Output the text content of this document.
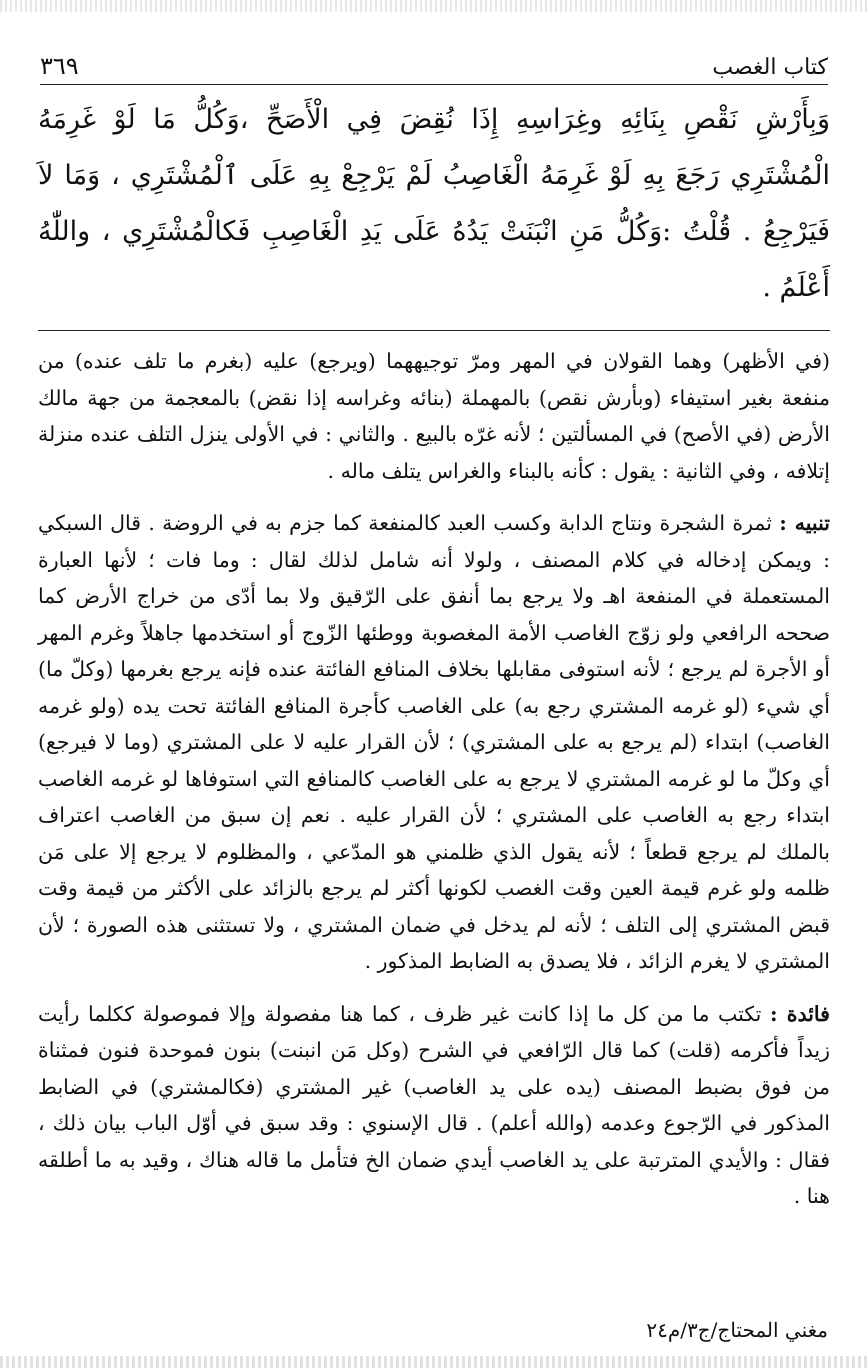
كتاب الغصب
٣٦٩

وَبِأَرْشِ نَقْصِ بِنَائِهِ وغِرَاسِهِ إِذَا نُقِضَ فِي الْأَصَحِّ ،وَكُلُّ مَا لَوْ غَرِمَهُ الْمُشْتَرِي رَجَعَ بِهِ لَوْ غَرِمَهُ الْغَاصِبُ لَمْ يَرْجِعْ بِهِ عَلَى ٱلْمُشْتَرِي ، وَمَا لاَ فَيَرْجِعُ . قُلْتُ :وَكُلُّ مَنِ انْبَنَتْ يَدُهُ عَلَى يَدِ الْغَاصِبِ فَكالْمُشْتَرِي ، واللّٰهُ أَعْلَمُ .

(في الأظهر) وهما القولان في المهر ومرّ توجيههما (ويرجع) عليه (بغرم ما تلف عنده) من منفعة بغير استيفاء (وبأرش نقص) بالمهملة (بنائه وغراسه إذا نقض) بالمعجمة من جهة مالك الأرض (في الأصح) في المسألتين ؛ لأنه غرّه بالبيع . والثاني : في الأولى ينزل التلف عنده منزلة إتلافه ، وفي الثانية : يقول : كأنه بالبناء والغراس يتلف ماله .

تنبيه : ثمرة الشجرة ونتاج الدابة وكسب العبد كالمنفعة كما جزم به في الروضة . قال السبكي : ويمكن إدخاله في كلام المصنف ، ولولا أنه شامل لذلك لقال : وما فات ؛ لأنها العبارة المستعملة في المنفعة اهـ ولا يرجع بما أنفق على الرّقيق ولا بما أدّى من خراج الأرض كما صححه الرافعي ولو زوّج الغاصب الأمة المغصوبة ووطئها الزّوج أو استخدمها جاهلاً وغرم المهر أو الأجرة لم يرجع ؛ لأنه استوفى مقابلها بخلاف المنافع الفائتة عنده فإنه يرجع بغرمها (وكلّ ما) أي شيء (لو غرمه المشتري رجع به) على الغاصب كأجرة المنافع الفائتة تحت يده (ولو غرمه الغاصب) ابتداء (لم يرجع به على المشتري) ؛ لأن القرار عليه لا على المشتري (وما لا فيرجع) أي وكلّ ما لو غرمه المشتري لا يرجع به على الغاصب كالمنافع التي استوفاها لو غرمه الغاصب ابتداء رجع به الغاصب على المشتري ؛ لأن القرار عليه . نعم إن سبق من الغاصب اعتراف بالملك لم يرجع قطعاً ؛ لأنه يقول الذي ظلمني هو المدّعي ، والمظلوم لا يرجع إلا على مَن ظلمه ولو غرم قيمة العين وقت الغصب لكونها أكثر لم يرجع بالزائد على الأكثر من قيمة وقت قبض المشتري إلى التلف ؛ لأنه لم يدخل في ضمان المشتري ، ولا تستثنى هذه الصورة ؛ لأن المشتري لا يغرم الزائد ، فلا يصدق به الضابط المذكور .

فائدة : تكتب ما من كل ما إذا كانت غير ظرف ، كما هنا مفصولة وإلا فموصولة ككلما رأيت زيداً فأكرمه (قلت) كما قال الرّافعي في الشرح (وكل مَن انبنت) بنون فموحدة فنون فمثناة من فوق بضبط المصنف (يده على يد الغاصب) غير المشتري (فكالمشتري) في الضابط المذكور في الرّجوع وعدمه (والله أعلم) . قال الإسنوي : وقد سبق في أوّل الباب بيان ذلك ، فقال : والأيدي المترتبة على يد الغاصب أيدي ضمان الخ فتأمل ما قاله هناك ، وقيد به ما أطلقه هنا .

مغني المحتاج/ج٣/م٢٤
